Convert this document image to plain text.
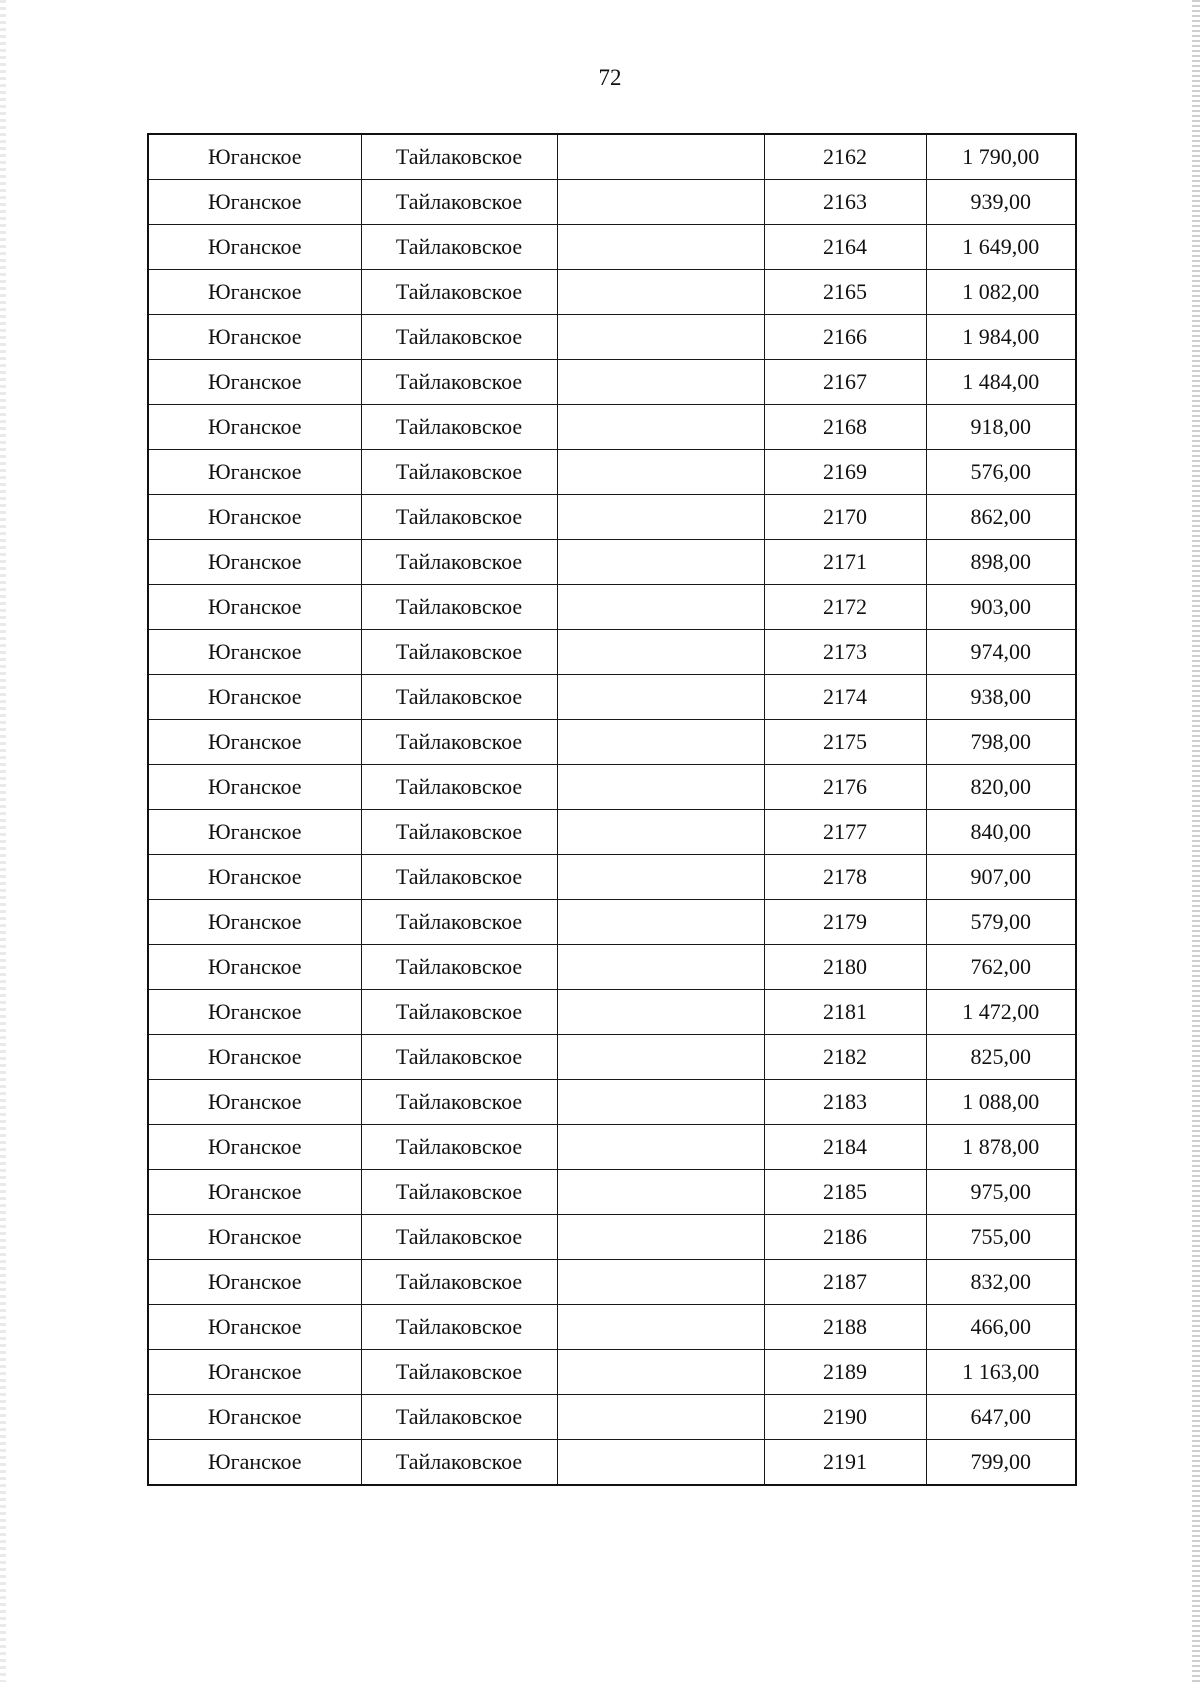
72
Юганское	Тайлаковское		2162	1 790,00
Юганское	Тайлаковское		2163	939,00
Юганское	Тайлаковское		2164	1 649,00
Юганское	Тайлаковское		2165	1 082,00
Юганское	Тайлаковское		2166	1 984,00
Юганское	Тайлаковское		2167	1 484,00
Юганское	Тайлаковское		2168	918,00
Юганское	Тайлаковское		2169	576,00
Юганское	Тайлаковское		2170	862,00
Юганское	Тайлаковское		2171	898,00
Юганское	Тайлаковское		2172	903,00
Юганское	Тайлаковское		2173	974,00
Юганское	Тайлаковское		2174	938,00
Юганское	Тайлаковское		2175	798,00
Юганское	Тайлаковское		2176	820,00
Юганское	Тайлаковское		2177	840,00
Юганское	Тайлаковское		2178	907,00
Юганское	Тайлаковское		2179	579,00
Юганское	Тайлаковское		2180	762,00
Юганское	Тайлаковское		2181	1 472,00
Юганское	Тайлаковское		2182	825,00
Юганское	Тайлаковское		2183	1 088,00
Юганское	Тайлаковское		2184	1 878,00
Юганское	Тайлаковское		2185	975,00
Юганское	Тайлаковское		2186	755,00
Юганское	Тайлаковское		2187	832,00
Юганское	Тайлаковское		2188	466,00
Юганское	Тайлаковское		2189	1 163,00
Юганское	Тайлаковское		2190	647,00
Юганское	Тайлаковское		2191	799,00
